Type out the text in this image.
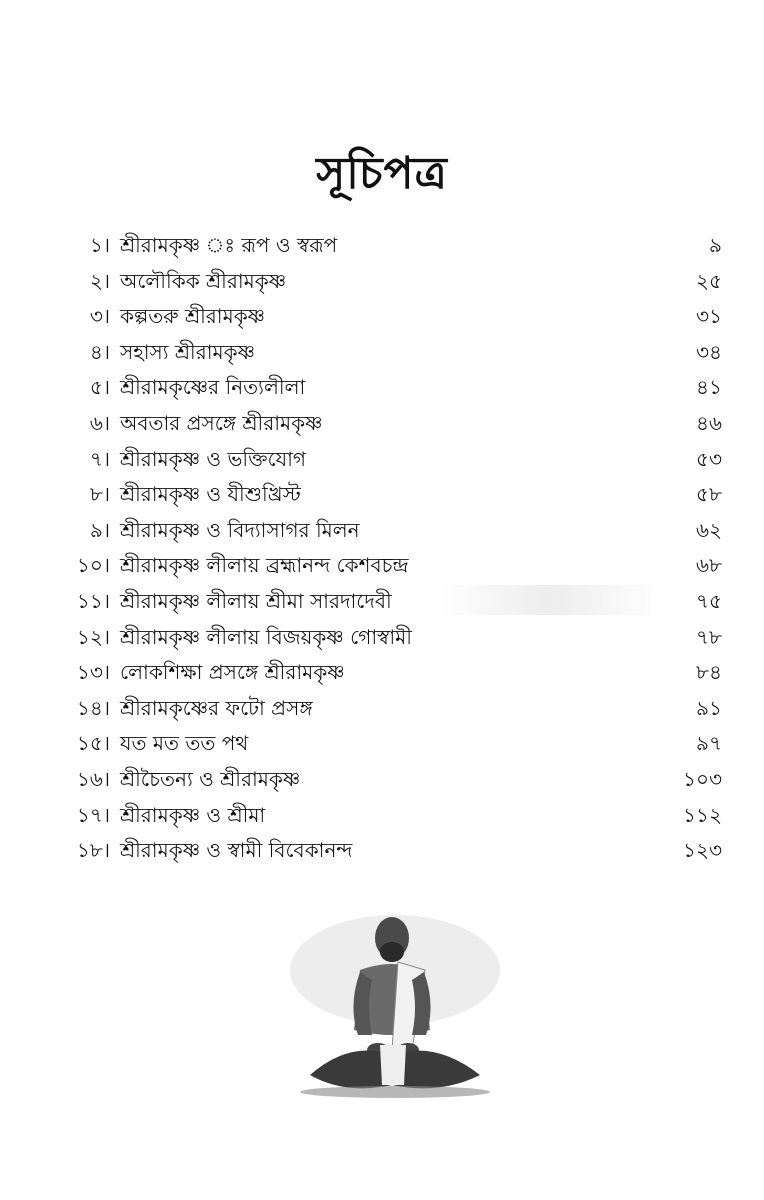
সূচিপত্র
১। শ্রীরামকৃষ্ণ ঃ রূপ ও স্বরূপ	৯
২। অলৌকিক শ্রীরামকৃষ্ণ	২৫
৩। কল্পতরু শ্রীরামকৃষ্ণ	৩১
৪। সহাস্য শ্রীরামকৃষ্ণ	৩৪
৫। শ্রীরামকৃষ্ণের নিত্যলীলা	৪১
৬। অবতার প্রসঙ্গে শ্রীরামকৃষ্ণ	৪৬
৭। শ্রীরামকৃষ্ণ ও ভক্তিযোগ	৫৩
৮। শ্রীরামকৃষ্ণ ও যীশুখ্রিস্ট	৫৮
৯। শ্রীরামকৃষ্ণ ও বিদ্যাসাগর মিলন	৬২
১০। শ্রীরামকৃষ্ণ লীলায় ব্রহ্মানন্দ কেশবচন্দ্র	৬৮
১১। শ্রীরামকৃষ্ণ লীলায় শ্রীমা সারদাদেবী	৭৫
১২। শ্রীরামকৃষ্ণ লীলায় বিজয়কৃষ্ণ গোস্বামী	৭৮
১৩। লোকশিক্ষা প্রসঙ্গে শ্রীরামকৃষ্ণ	৮৪
১৪। শ্রীরামকৃষ্ণের ফটো প্রসঙ্গ	৯১
১৫। যত মত তত পথ	৯৭
১৬। শ্রীচৈতন্য ও শ্রীরামকৃষ্ণ	১০৩
১৭। শ্রীরামকৃষ্ণ ও শ্রীমা	১১২
১৮। শ্রীরামকৃষ্ণ ও স্বামী বিবেকানন্দ	১২৩
